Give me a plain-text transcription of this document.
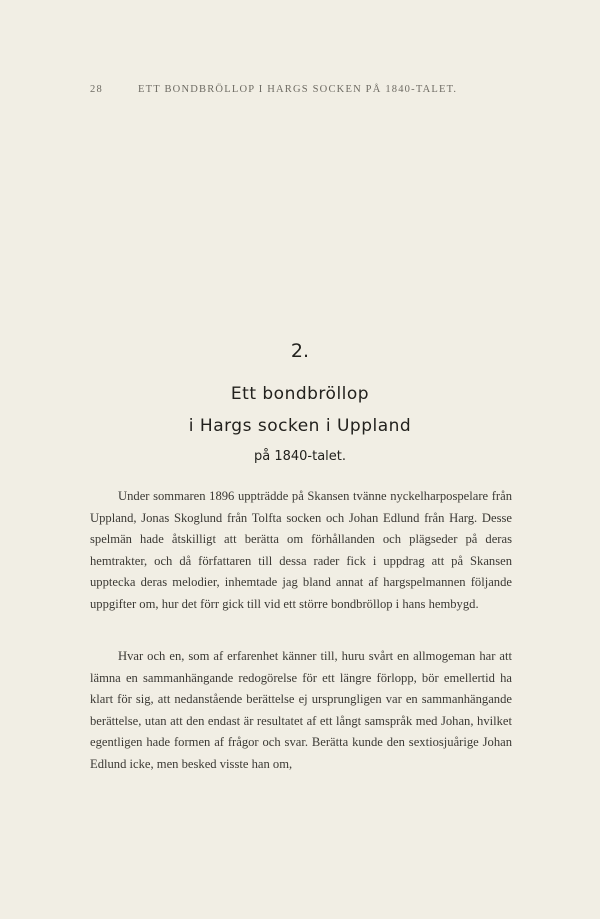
28	ETT BONDBRÖLLOP I HARGS SOCKEN PÅ 1840-TALET.
2.
Ett bondbröllop
i Hargs socken i Uppland
på 1840-talet.

Under sommaren 1896 uppträdde på Skansen tvänne nyckelharpospelare från Uppland, Jonas Skoglund från Tolfta socken och Johan Edlund från Harg. Desse spelmän hade åtskilligt att berätta om förhållanden och plägseder på deras hemtrakter, och då författaren till dessa rader fick i uppdrag att på Skansen upptecka deras melodier, inhemtade jag bland annat af hargspelmannen följande uppgifter om, hur det förr gick till vid ett större bondbröllop i hans hembygd.

Hvar och en, som af erfarenhet känner till, huru svårt en allmogeman har att lämna en sammanhängande redogörelse för ett längre förlopp, bör emellertid ha klart för sig, att nedanstående berättelse ej ursprungligen var en sammanhängande berättelse, utan att den endast är resultatet af ett långt samspråk med Johan, hvilket egentligen hade formen af frågor och svar. Berätta kunde den sextiosjuårige Johan Edlund icke, men besked visste han om,
